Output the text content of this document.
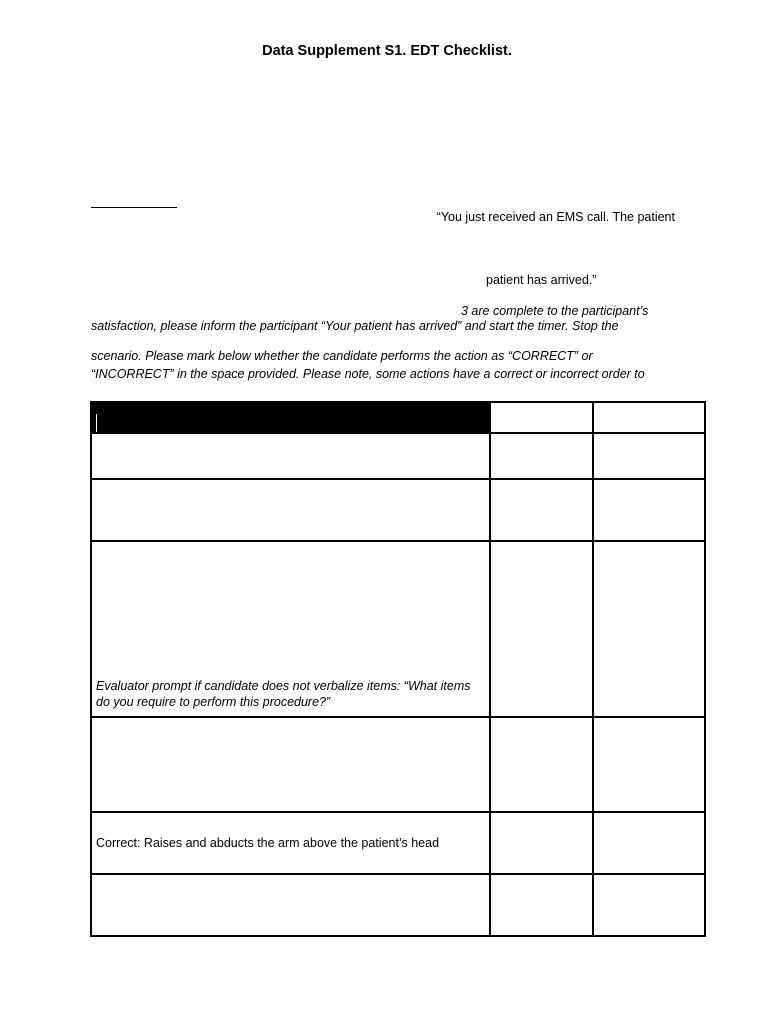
Data Supplement S1. EDT Checklist.
“You just received an EMS call. The patient
patient has arrived.”
3 are complete to the participant’s
satisfaction, please inform the participant “Your patient has arrived” and start the timer. Stop the
scenario. Please mark below whether the candidate performs the action as “CORRECT” or
“INCORRECT” in the space provided. Please note, some actions have a correct or incorrect order to

Evaluator prompt if candidate does not verbalize items: “What items do you require to perform this procedure?”		

Correct: Raises and abducts the arm above the patient’s head		
